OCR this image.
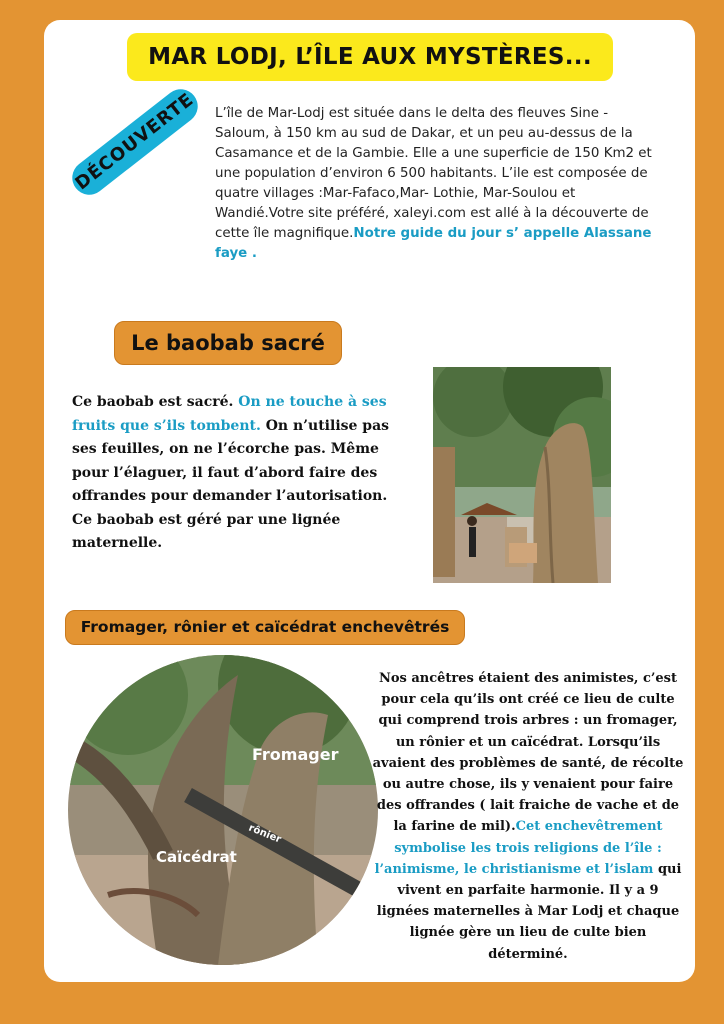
MAR LODJ, L’ÎLE AUX MYSTÈRES...
DÉCOUVERTE	L’île de Mar-Lodj est située dans le delta des fleuves Sine - Saloum, à 150 km au sud de Dakar, et un peu au-dessus de la Casamance et de la Gambie. Elle a une superficie de 150 Km2 et une population d’environ 6 500 habitants. L’ile est composée de quatre villages :Mar-Fafaco,Mar- Lothie, Mar-Soulou et Wandié.Votre site préféré, xaleyi.com est allé à la découverte de cette île magnifique.Notre guide du jour s’ appelle Alassane faye .
Le baobab sacré
Ce baobab est sacré. On ne touche à ses fruits que s’ils tombent. On n’utilise pas ses feuilles, on ne l’écorche pas. Même pour l’élaguer, il faut d’abord faire des offrandes pour demander l’autorisation. Ce baobab est géré par une lignée maternelle.
Fromager, rônier et caïcédrat enchevêtrés
Fromager
rônier
Caïcédrat
Nos ancêtres étaient des animistes, c’est pour cela qu’ils ont créé ce lieu de culte qui comprend trois arbres : un fromager, un rônier et un caïcédrat. Lorsqu’ils avaient des problèmes de santé, de récolte ou autre chose, ils y venaient pour faire des offrandes ( lait fraiche de vache et de la farine de mil).Cet enchevêtrement symbolise les trois religions de l’île : l’animisme, le christianisme et l’islam qui vivent en parfaite harmonie. Il y a 9 lignées maternelles à Mar Lodj et chaque lignée gère un lieu de culte bien déterminé.
